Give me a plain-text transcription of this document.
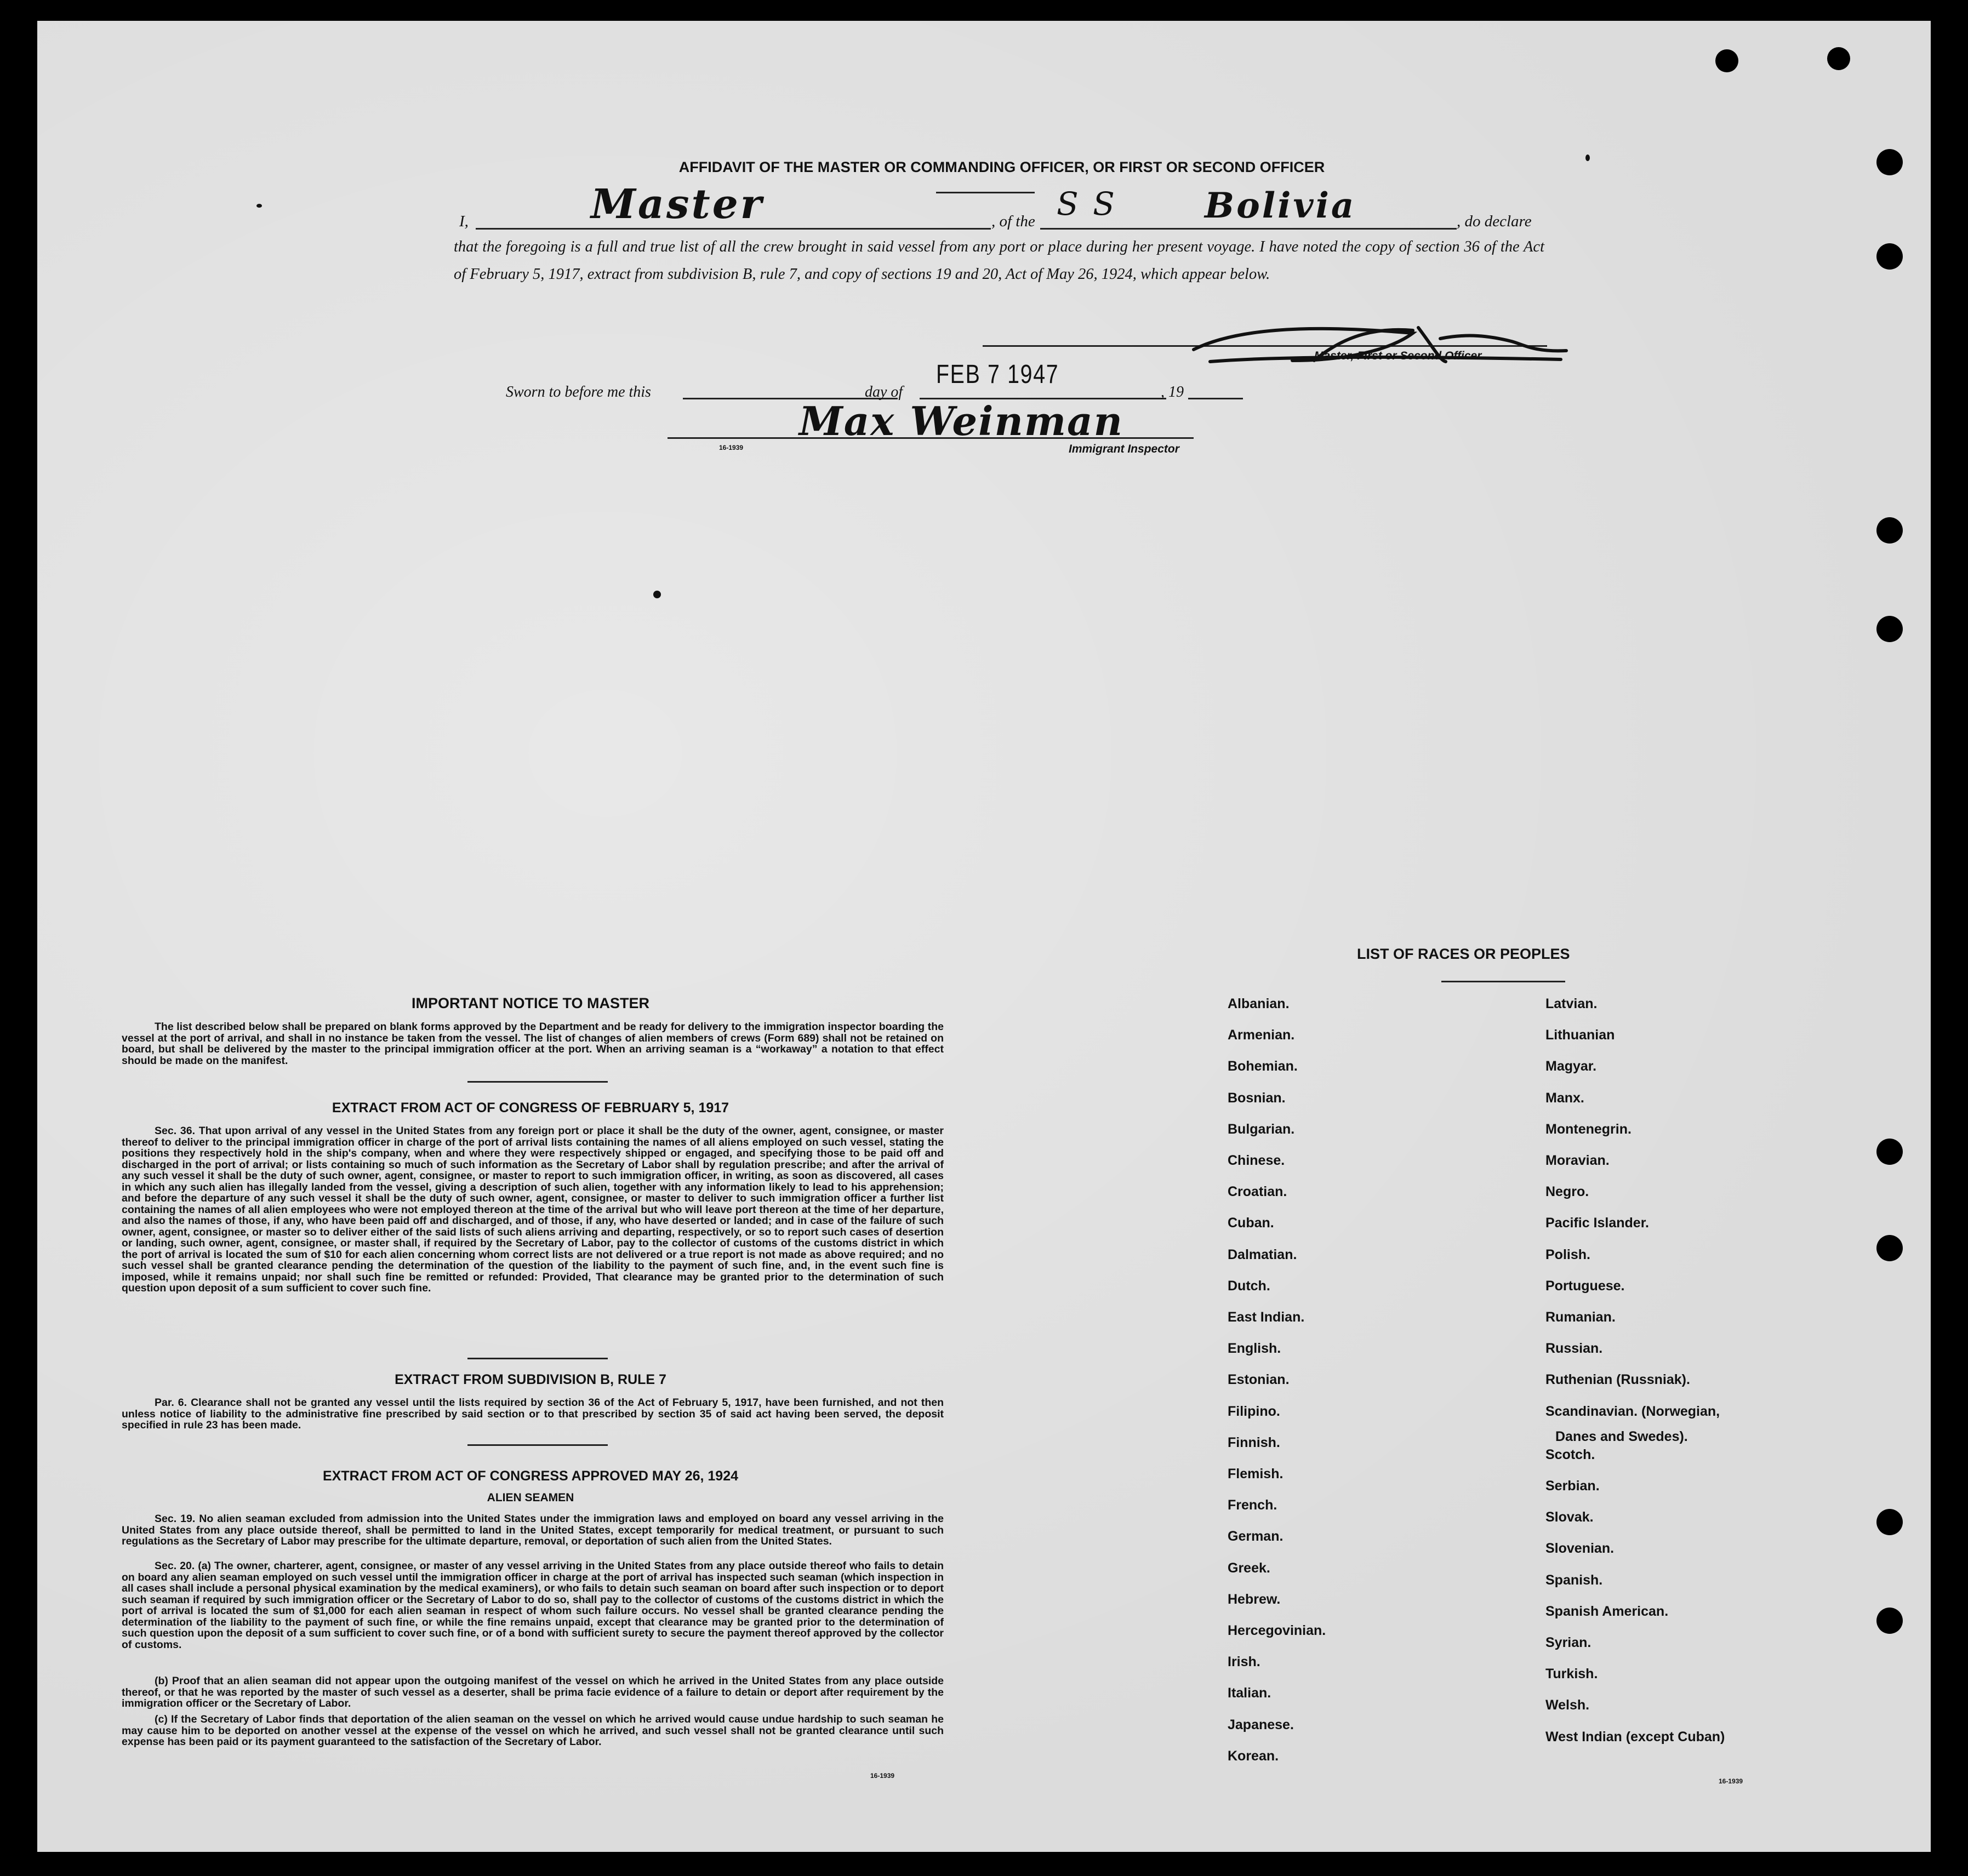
AFFIDAVIT OF THE MASTER OR COMMANDING OFFICER, OR FIRST OR SECOND OFFICER
I,	Master	, of the S S	Bolivia	, do declare
that the foregoing is a full and true list of all the crew brought in said vessel from any port or place during her present voyage. I have noted the copy of section 36 of the Act of February 5, 1917, extract from subdivision B, rule 7, and copy of sections 19 and 20, Act of May 26, 1924, which appear below.
Master, First or Second Officer.
Sworn to before me this	day of
FEB 7 1947
, 19
Max Weinman
16-1939	Immigrant Inspector
IMPORTANT NOTICE TO MASTER
The list described below shall be prepared on blank forms approved by the Department and be ready for delivery to the immigration inspector boarding the vessel at the port of arrival, and shall in no instance be taken from the vessel. The list of changes of alien members of crews (Form 689) shall not be retained on board, but shall be delivered by the master to the principal immigration officer at the port. When an arriving seaman is a “workaway” a notation to that effect should be made on the manifest.
EXTRACT FROM ACT OF CONGRESS OF FEBRUARY 5, 1917
Sec. 36. That upon arrival of any vessel in the United States from any foreign port or place it shall be the duty of the owner, agent, consignee, or master thereof to deliver to the principal immigration officer in charge of the port of arrival lists containing the names of all aliens employed on such vessel, stating the positions they respectively hold in the ship's company, when and where they were respectively shipped or engaged, and specifying those to be paid off and discharged in the port of arrival; or lists containing so much of such information as the Secretary of Labor shall by regulation prescribe; and after the arrival of any such vessel it shall be the duty of such owner, agent, consignee, or master to report to such immigration officer, in writing, as soon as discovered, all cases in which any such alien has illegally landed from the vessel, giving a description of such alien, together with any information likely to lead to his apprehension; and before the departure of any such vessel it shall be the duty of such owner, agent, consignee, or master to deliver to such immigration officer a further list containing the names of all alien employees who were not employed thereon at the time of the arrival but who will leave port thereon at the time of her departure, and also the names of those, if any, who have been paid off and discharged, and of those, if any, who have deserted or landed; and in case of the failure of such owner, agent, consignee, or master so to deliver either of the said lists of such aliens arriving and departing, respectively, or so to report such cases of desertion or landing, such owner, agent, consignee, or master shall, if required by the Secretary of Labor, pay to the collector of customs of the customs district in which the port of arrival is located the sum of $10 for each alien concerning whom correct lists are not delivered or a true report is not made as above required; and no such vessel shall be granted clearance pending the determination of the question of the liability to the payment of such fine, and, in the event such fine is imposed, while it remains unpaid; nor shall such fine be remitted or refunded: Provided, That clearance may be granted prior to the determination of such question upon deposit of a sum sufficient to cover such fine.
EXTRACT FROM SUBDIVISION B, RULE 7
Par. 6. Clearance shall not be granted any vessel until the lists required by section 36 of the Act of February 5, 1917, have been furnished, and not then unless notice of liability to the administrative fine prescribed by said section or to that prescribed by section 35 of said act having been served, the deposit specified in rule 23 has been made.
EXTRACT FROM ACT OF CONGRESS APPROVED MAY 26, 1924
ALIEN SEAMEN
Sec. 19. No alien seaman excluded from admission into the United States under the immigration laws and employed on board any vessel arriving in the United States from any place outside thereof, shall be permitted to land in the United States, except temporarily for medical treatment, or pursuant to such regulations as the Secretary of Labor may prescribe for the ultimate departure, removal, or deportation of such alien from the United States.
Sec. 20. (a) The owner, charterer, agent, consignee, or master of any vessel arriving in the United States from any place outside thereof who fails to detain on board any alien seaman employed on such vessel until the immigration officer in charge at the port of arrival has inspected such seaman (which inspection in all cases shall include a personal physical examination by the medical examiners), or who fails to detain such seaman on board after such inspection or to deport such seaman if required by such immigration officer or the Secretary of Labor to do so, shall pay to the collector of customs of the customs district in which the port of arrival is located the sum of $1,000 for each alien seaman in respect of whom such failure occurs. No vessel shall be granted clearance pending the determination of the liability to the payment of such fine, or while the fine remains unpaid, except that clearance may be granted prior to the determination of such question upon the deposit of a sum sufficient to cover such fine, or of a bond with sufficient surety to secure the payment thereof approved by the collector of customs.
(b) Proof that an alien seaman did not appear upon the outgoing manifest of the vessel on which he arrived in the United States from any place outside thereof, or that he was reported by the master of such vessel as a deserter, shall be prima facie evidence of a failure to detain or deport after requirement by the immigration officer or the Secretary of Labor.
(c) If the Secretary of Labor finds that deportation of the alien seaman on the vessel on which he arrived would cause undue hardship to such seaman he may cause him to be deported on another vessel at the expense of the vessel on which he arrived, and such vessel shall not be granted clearance until such expense has been paid or its payment guaranteed to the satisfaction of the Secretary of Labor.
16-1939
LIST OF RACES OR PEOPLES
Danes and Swedes).
16-1939
Albanian.
Armenian.
Bohemian.
Bosnian.
Bulgarian.
Chinese.
Croatian.
Cuban.
Dalmatian.
Dutch.
East Indian.
English.
Estonian.
Filipino.
Finnish.
Flemish.
French.
German.
Greek.
Hebrew.
Hercegovinian.
Irish.
Italian.
Japanese.
Korean.
Latvian.
Lithuanian
Magyar.
Manx.
Montenegrin.
Moravian.
Negro.
Pacific Islander.
Polish.
Portuguese.
Rumanian.
Russian.
Ruthenian (Russniak).
Scandinavian. (Norwegian,
Scotch.
Serbian.
Slovak.
Slovenian.
Spanish.
Spanish American.
Syrian.
Turkish.
Welsh.
West Indian (except Cuban)
